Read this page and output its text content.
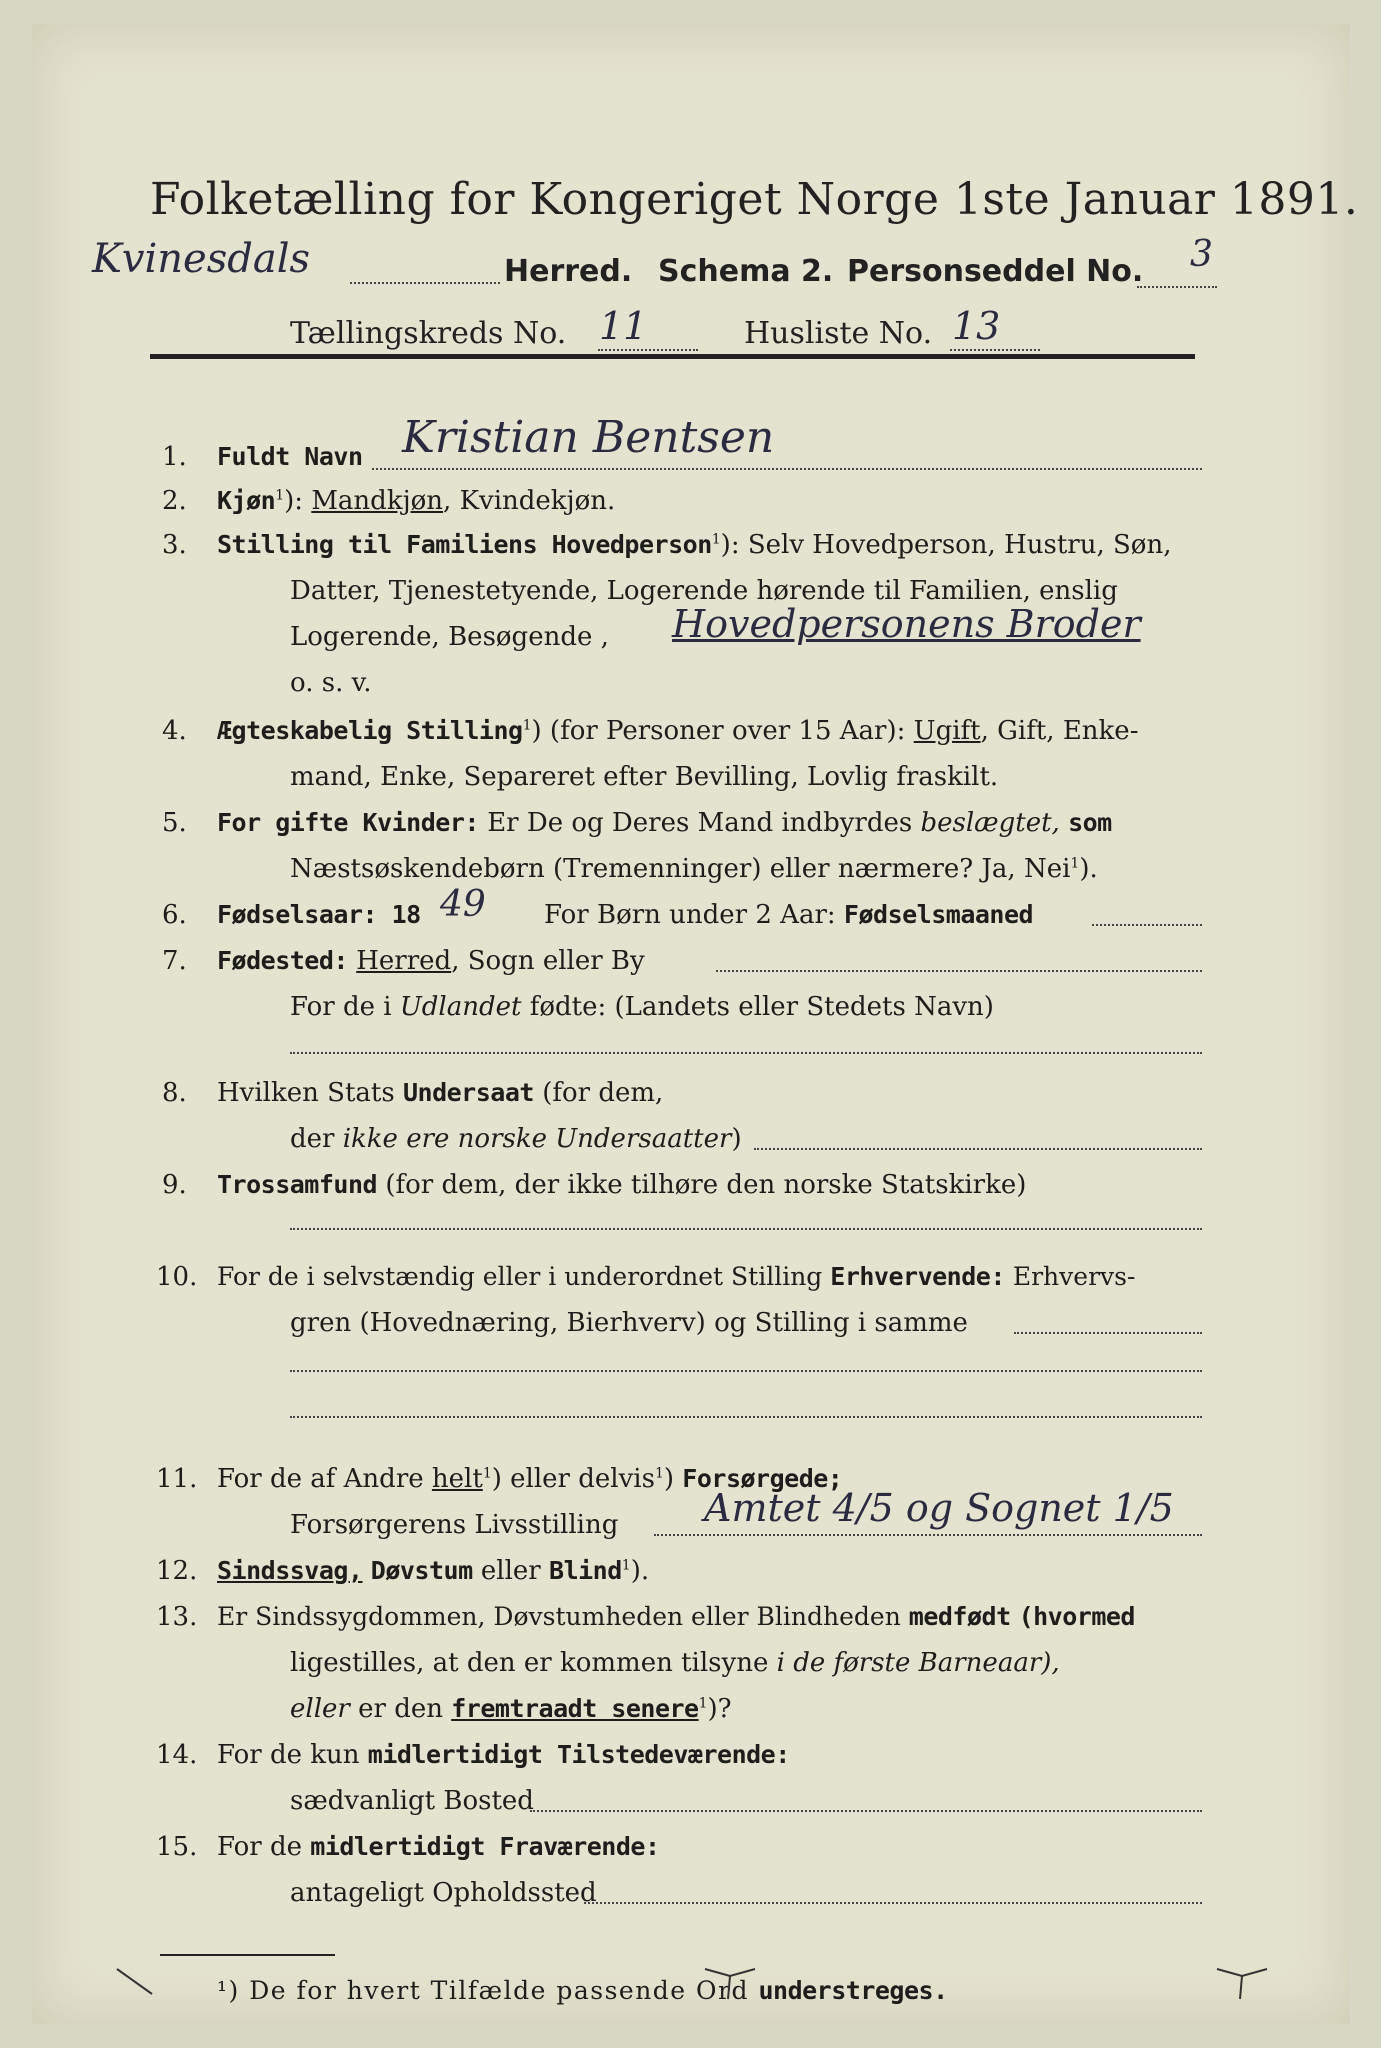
Folketælling for Kongeriget Norge 1ste Januar 1891.
Kvinesdals	Herred. Schema 2. Personseddel No. 3
Tællingskreds No. 11	Husliste No. 13
1. Fuldt Navn Kristian Bentsen
2. Kjøn$^1$): Mandkjøn, Kvindekjøn.
3. Stilling til Familiens Hovedperson$^1$): Selv Hovedperson, Hustru, Søn,
Datter, Tjenestetyende, Logerende hørende til Familien, enslig
Logerende, Besøgende , Hovedpersonens Broder
o. s. v.
4. Ægteskabelig Stilling$^1$) (for Personer over 15 Aar): Ugift, Gift, Enke-
mand, Enke, Separeret efter Bevilling, Lovlig fraskilt.
5. For gifte Kvinder: Er De og Deres Mand indbyrdes beslægtet, som
Næstsøskendebørn (Tremenninger) eller nærmere? Ja, Nei$^1$).
6. Fødselsaar: 18 49 For Børn under 2 Aar: Fødselsmaaned
7. Fødested: Herred, Sogn eller By
For de i Udlandet fødte: (Landets eller Stedets Navn)
8. Hvilken Stats Undersaat (for dem,
der ikke ere norske Undersaatter)
9. Trossamfund (for dem, der ikke tilhøre den norske Statskirke)
10. For de i selvstændig eller i underordnet Stilling Erhvervende: Erhvervs-
gren (Hovednæring, Bierhverv) og Stilling i samme
11. For de af Andre helt$^1$) eller delvis$^1$) Forsørgede;
Forsørgerens Livsstilling Amtet 4/5 og Sognet 1/5
12. Sindssvag, Døvstum eller Blind$^1$).
13. Er Sindssygdommen, Døvstumheden eller Blindheden medfødt (hvormed
ligestilles, at den er kommen tilsyne i de første Barneaar),
eller er den fremtraadt senere$^1$)?
14. For de kun midlertidigt Tilstedeværende:
sædvanligt Bosted
15. For de midlertidigt Fraværende:
antageligt Opholdssted
¹) De for hvert Tilfælde passende Ord understreges.
